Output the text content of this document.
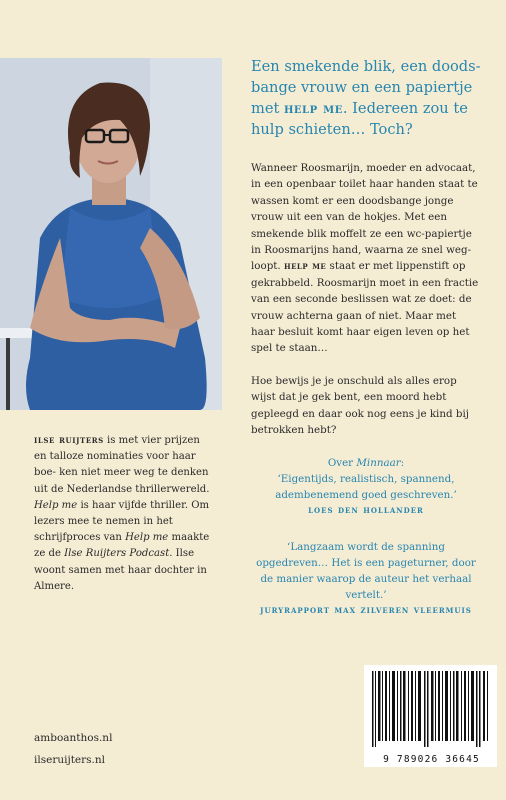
ilse ruijters is met vier prijzen en talloze nominaties voor haar boe- ken niet meer weg te denken uit de Nederlandse thrillerwereld. Help me is haar vijfde thriller. Om lezers mee te nemen in het schrijfproces van Help me maakte ze de Ilse Ruijters Podcast. Ilse woont samen met haar dochter in Almere.
amboanthos.nl
ilseruijters.nl

Een smekende blik, een doodsbange vrouw en een papiertje met help me. Iedereen zou te hulp schieten… Toch?

Wanneer Roosmarijn, moeder en advocaat, in een openbaar toilet haar handen staat te wassen komt er een doodsbange jonge vrouw uit een van de hokjes. Met een smekende blik moffelt ze een wc-papiertje in Roosmarijns hand, waarna ze snel wegloopt. help me staat er met lippenstift op gekrabbeld. Roosmarijn moet in een fractie van een seconde beslissen wat ze doet: de vrouw achterna gaan of niet. Maar met haar besluit komt haar eigen leven op het spel te staan…

Hoe bewijs je je onschuld als alles erop wijst dat je gek bent, een moord hebt gepleegd en daar ook nog eens je kind bij betrokken hebt?

Over Minnaar:
‘Eigentijds, realistisch, spannend, adembenemend goed geschreven.’
loes den hollander
‘Langzaam wordt de spanning opgedreven… Het is een pageturner, door de manier waarop de auteur het verhaal vertelt.’
juryrapport max zilveren vleermuis
9 789026 36645
